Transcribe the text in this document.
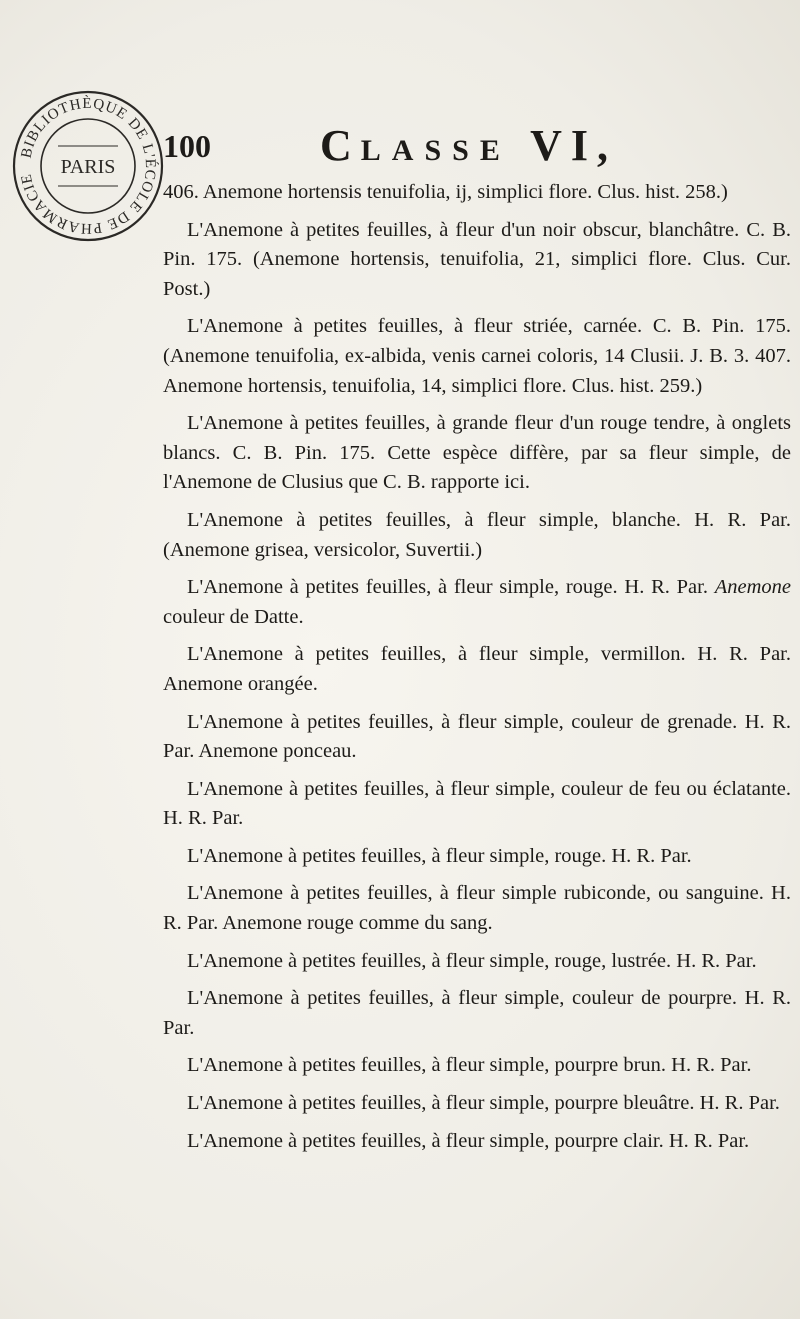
BIBLIOTHÈQUE DE L'ÉCOLE DE PHARMACIE
PARIS
100 CLASSE VI,

406. Anemone hortensis tenuifolia, ij, simplici flore. Clus. hist. 258.)

L'Anemone à petites feuilles, à fleur d'un noir obscur, blanchâtre. C. B. Pin. 175. (Anemone hortensis, tenuifolia, 21, simplici flore. Clus. Cur. Post.)

L'Anemone à petites feuilles, à fleur striée, carnée. C. B. Pin. 175. (Anemone tenuifolia, ex-albida, venis carnei coloris, 14 Clusii. J. B. 3. 407. Anemone hortensis, tenuifolia, 14, simplici flore. Clus. hist. 259.)

L'Anemone à petites feuilles, à grande fleur d'un rouge tendre, à onglets blancs. C. B. Pin. 175. Cette espèce diffère, par sa fleur simple, de l'Anemone de Clusius que C. B. rapporte ici.

L'Anemone à petites feuilles, à fleur simple, blanche. H. R. Par. (Anemone grisea, versicolor, Suvertii.)

L'Anemone à petites feuilles, à fleur simple, rouge. H. R. Par. Anemone couleur de Datte.

L'Anemone à petites feuilles, à fleur simple, vermillon. H. R. Par. Anemone orangée.

L'Anemone à petites feuilles, à fleur simple, couleur de grenade. H. R. Par. Anemone ponceau.

L'Anemone à petites feuilles, à fleur simple, couleur de feu ou éclatante. H. R. Par.

L'Anemone à petites feuilles, à fleur simple, rouge. H. R. Par.

L'Anemone à petites feuilles, à fleur simple rubiconde, ou sanguine. H. R. Par. Anemone rouge comme du sang.

L'Anemone à petites feuilles, à fleur simple, rouge, lustrée. H. R. Par.

L'Anemone à petites feuilles, à fleur simple, couleur de pourpre. H. R. Par.

L'Anemone à petites feuilles, à fleur simple, pourpre brun. H. R. Par.

L'Anemone à petites feuilles, à fleur simple, pourpre bleuâtre. H. R. Par.

L'Anemone à petites feuilles, à fleur simple, pourpre clair. H. R. Par.
